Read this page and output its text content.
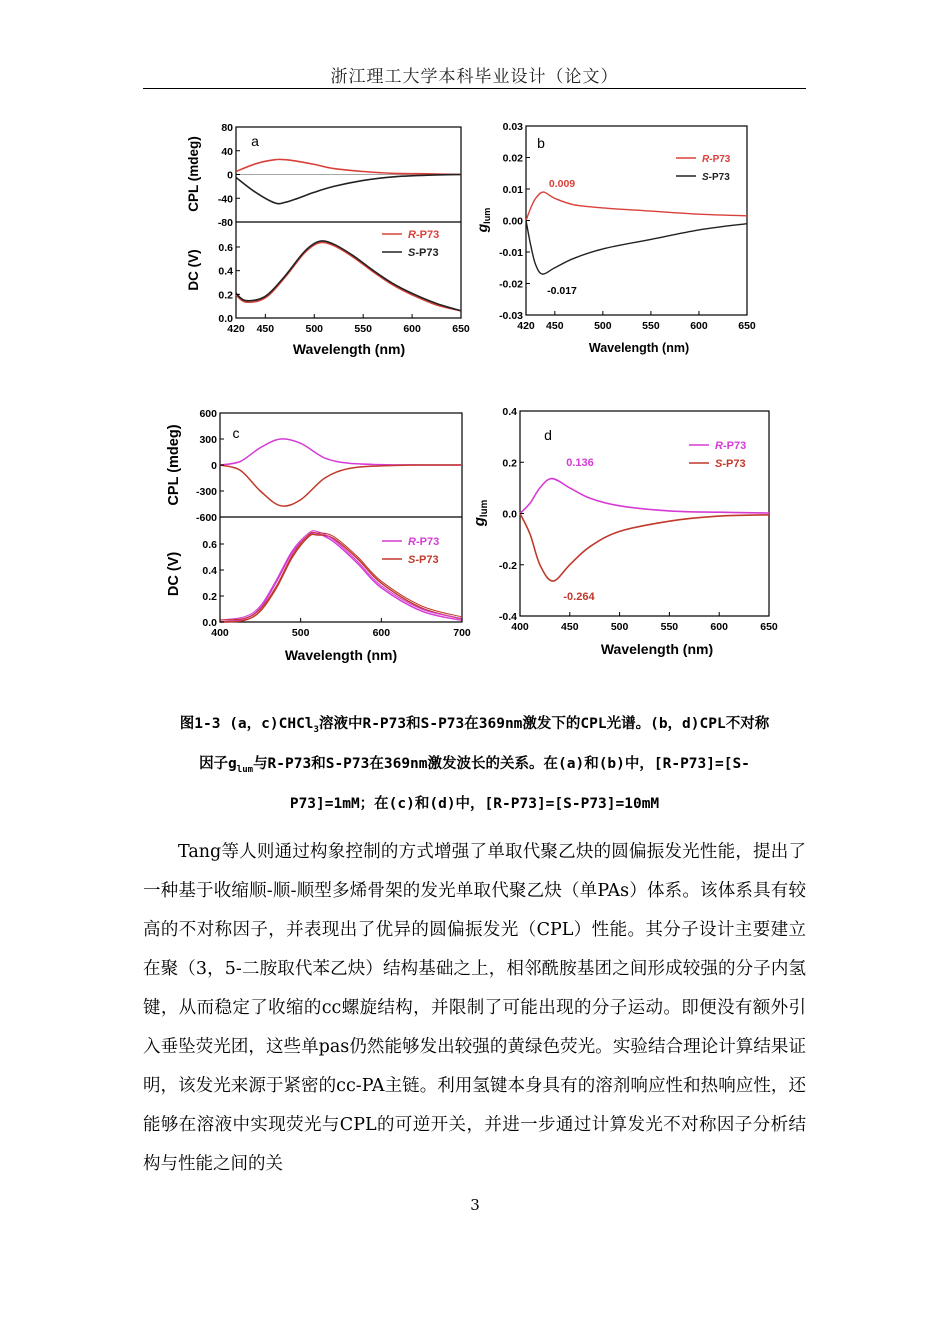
浙江理工大学本科毕业设计（论文）
80
40
0
-40
-80
0.6
0.4
0.2
0.0
420 450	500	550	600	650
CPL (mdeg)
DC (V)
Wavelength (nm)
a
R-P73
S-P73
0.03
0.02
0.01
0.00
-0.01
-0.02
-0.03
420 450	500	550	600	650
$g_{lum}$
Wavelength (nm)
b
R-P73
S-P73
0.009
-0.017
600
300
0
-300
-600
0.6
0.4
0.2
0.0
400	500	600	700
CPL (mdeg)
DC (V)
Wavelength (nm)
c
R-P73
S-P73
0.4
0.2
0.0
-0.2
-0.4
400	450	500	550	600	650
$g_{lum}$
Wavelength (nm)
d
R-P73
S-P73
0.136
-0.264
图1-3 (a，c)CHCl$_3$溶液中R-P73和S-P73在369nm激发下的CPL光谱。(b，d)CPL不对称
因子$g_{lum}$与R-P73和S-P73在369nm激发波长的关系。在(a)和(b)中，[R-P73]=[S-
P73]=1mM；在(c)和(d)中，[R-P73]=[S-P73]=10mM

Tang等人则通过构象控制的方式增强了单取代聚乙炔的圆偏振发光性能，提出了一种基于收缩顺-顺-顺型多烯骨架的发光单取代聚乙炔（单PAs）体系。该体系具有较高的不对称因子，并表现出了优异的圆偏振发光（CPL）性能。其分子设计主要建立在聚（3，5-二胺取代苯乙炔）结构基础之上，相邻酰胺基团之间形成较强的分子内氢键，从而稳定了收缩的cc螺旋结构，并限制了可能出现的分子运动。即便没有额外引入垂坠荧光团，这些单pas仍然能够发出较强的黄绿色荧光。实验结合理论计算结果证明，该发光来源于紧密的cc-PA主链。利用氢键本身具有的溶剂响应性和热响应性，还能够在溶液中实现荧光与CPL的可逆开关，并进一步通过计算发光不对称因子分析结构与性能之间的关

3
